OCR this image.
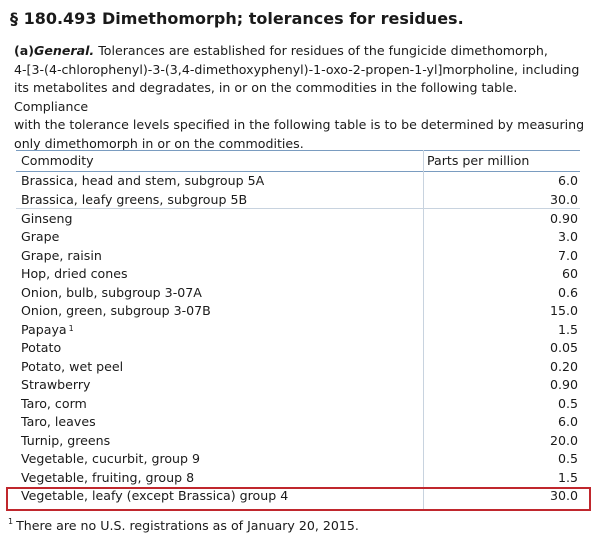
§ 180.493 Dimethomorph; tolerances for residues.
(a)General. Tolerances are established for residues of the fungicide dimethomorph,
4-[3-(4-chlorophenyl)-3-(3,4-dimethoxyphenyl)-1-oxo-2-propen-1-yl]morpholine, including
its metabolites and degradates, in or on the commodities in the following table. Compliance
with the tolerance levels specified in the following table is to be determined by measuring
only dimethomorph in or on the commodities.
Commodity	Parts per million
Brassica, head and stem, subgroup 5A	6.0
Brassica, leafy greens, subgroup 5B	30.0
Ginseng	0.90
Grape	3.0
Grape, raisin	7.0
Hop, dried cones	60
Onion, bulb, subgroup 3-07A	0.6
Onion, green, subgroup 3-07B	15.0
Papaya $^1$	1.5
Potato	0.05
Potato, wet peel	0.20
Strawberry	0.90
Taro, corm	0.5
Taro, leaves	6.0
Turnip, greens	20.0
Vegetable, cucurbit, group 9	0.5
Vegetable, fruiting, group 8	1.5
Vegetable, leafy (except Brassica) group 4	30.0
$^1$ There are no U.S. registrations as of January 20, 2015.
